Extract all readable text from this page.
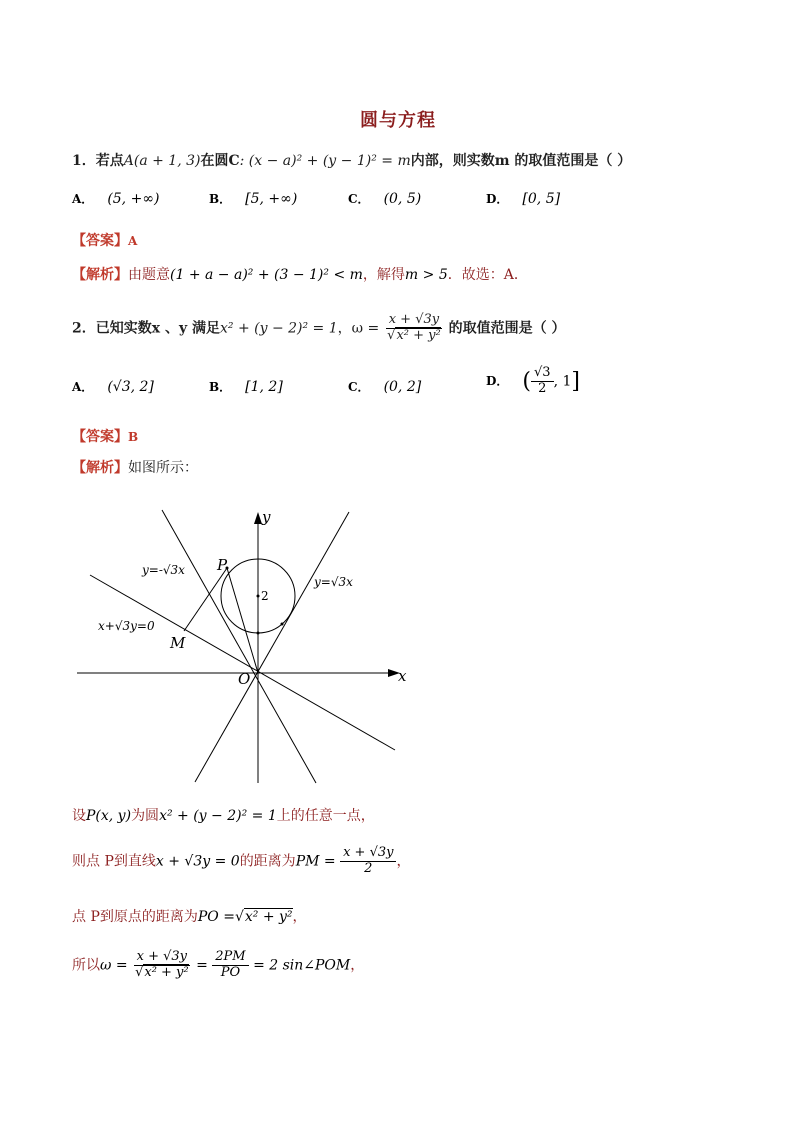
圆与方程
1．若点A(a + 1, 3)在圆C: (x − a)² + (y − 1)² = m内部，则实数m 的取值范围是（ ）
A． (5, +∞)	B． [5, +∞)	C． (0, 5)	D． [0, 5]
【答案】A
【解析】由题意(1 + a − a)² + (3 − 1)² < m，解得m > 5．故选：A．
2．已知实数x 、y 满足x² + (y − 2)² = 1，$\omega = \frac{x + √3y}{\text{√x² + y²}}$ 的取值范围是（ ）
A． (√3, 2]	B． [1, 2]	C． (0, 2]	D． ( $\frac{√3}{2}$ , 1]
【答案】B
【解析】如图所示：
y
x
O
P
M
2
y=-√3x
y=√3x
x+√3y=0
设P(x, y)为圆x² + (y − 2)² = 1上的任意一点，
则点 P到直线x + √3y = 0的距离为PM = $\frac{x + √3y}{2}$ ，
点 P到原点的距离为PO =√x² + y²，
所以$\omega = \frac{x + √3y}{\text{√x² + y²}} = \frac{2PM}{PO} = 2$ sin∠POM，
